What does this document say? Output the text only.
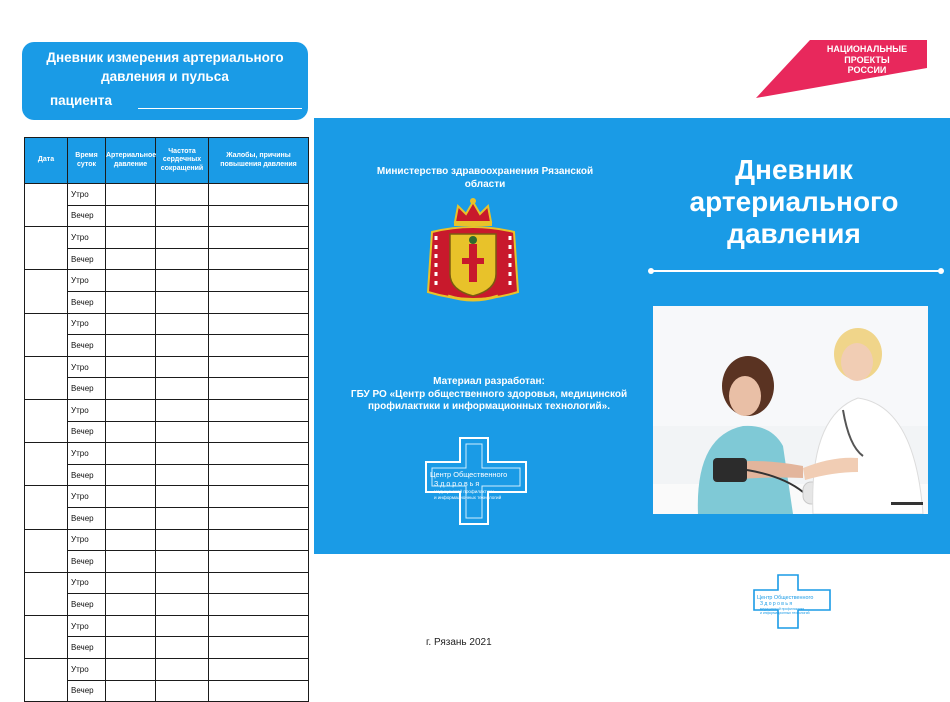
Дневник измерения артериального
давления и пульса
пациента
Дата	Время суток	Артериальное давление	Частота сердечных сокращений	Жалобы, причины повышения давления
	Утро			
	Вечер			
	Утро			
	Вечер			
	Утро			
	Вечер			
	Утро			
	Вечер			
	Утро			
	Вечер			
	Утро			
	Вечер			
	Утро			
	Вечер			
	Утро			
	Вечер			
	Утро			
	Вечер			
	Утро			
	Вечер			
	Утро			
	Вечер			
	Утро			
	Вечер			
Министерство здравоохранения Рязанской области
Материал разработан:
ГБУ РО «Центр общественного здоровья, медицинской профилактики и информационных технологий».
Центр Общественного
Здоровья
медицинской профилактики
и информационных технологий
Дневник
артериального
давления
НАЦИОНАЛЬНЫЕ
ПРОЕКТЫ
РОССИИ
Центр Общественного
Здоровья
медицинской профилактики
и информационных технологий
г. Рязань 2021
